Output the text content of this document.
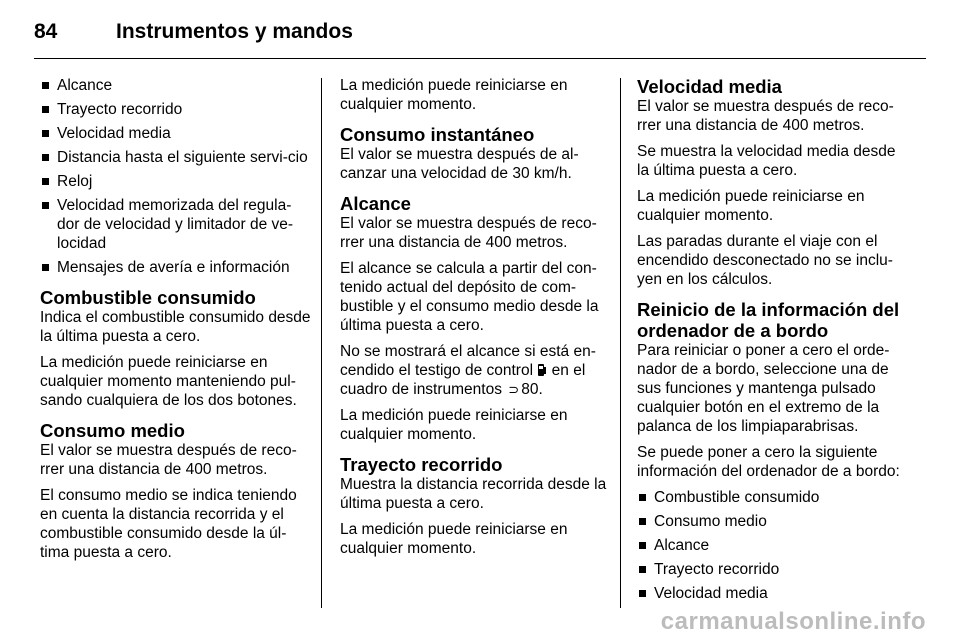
84	Instrumentos y mandos
Alcance
Trayecto recorrido
Velocidad media
Distancia hasta el siguiente servi-cio
Reloj
Velocidad memorizada del regula-dor de velocidad y limitador de ve-locidad
Mensajes de avería e información
Combustible consumido

Indica el combustible consumido desde la última puesta a cero.

La medición puede reiniciarse en cualquier momento manteniendo pul-sando cualquiera de los dos botones.

Consumo medio

El valor se muestra después de reco-rrer una distancia de 400 metros.

El consumo medio se indica teniendo en cuenta la distancia recorrida y el combustible consumido desde la úl-tima puesta a cero.

La medición puede reiniciarse en cualquier momento.

Consumo instantáneo

El valor se muestra después de al-canzar una velocidad de 30 km/h.

Alcance

El valor se muestra después de reco-rrer una distancia de 400 metros.

El alcance se calcula a partir del con-tenido actual del depósito de com-bustible y el consumo medio desde la última puesta a cero.

No se mostrará el alcance si está en-cendido el testigo de control en el cuadro de instrumentos ⊃ 80.

La medición puede reiniciarse en cualquier momento.

Trayecto recorrido

Muestra la distancia recorrida desde la última puesta a cero.

La medición puede reiniciarse en cualquier momento.

Velocidad media

El valor se muestra después de reco-rrer una distancia de 400 metros.

Se muestra la velocidad media desde la última puesta a cero.

La medición puede reiniciarse en cualquier momento.

Las paradas durante el viaje con el encendido desconectado no se inclu-yen en los cálculos.

Reinicio de la información del ordenador de a bordo

Para reiniciar o poner a cero el orde-nador de a bordo, seleccione una de sus funciones y mantenga pulsado cualquier botón en el extremo de la palanca de los limpiaparabrisas.

Se puede poner a cero la siguiente información del ordenador de a bordo:

Combustible consumido
Consumo medio
Alcance
Trayecto recorrido
Velocidad media
carmanualsonline.info
